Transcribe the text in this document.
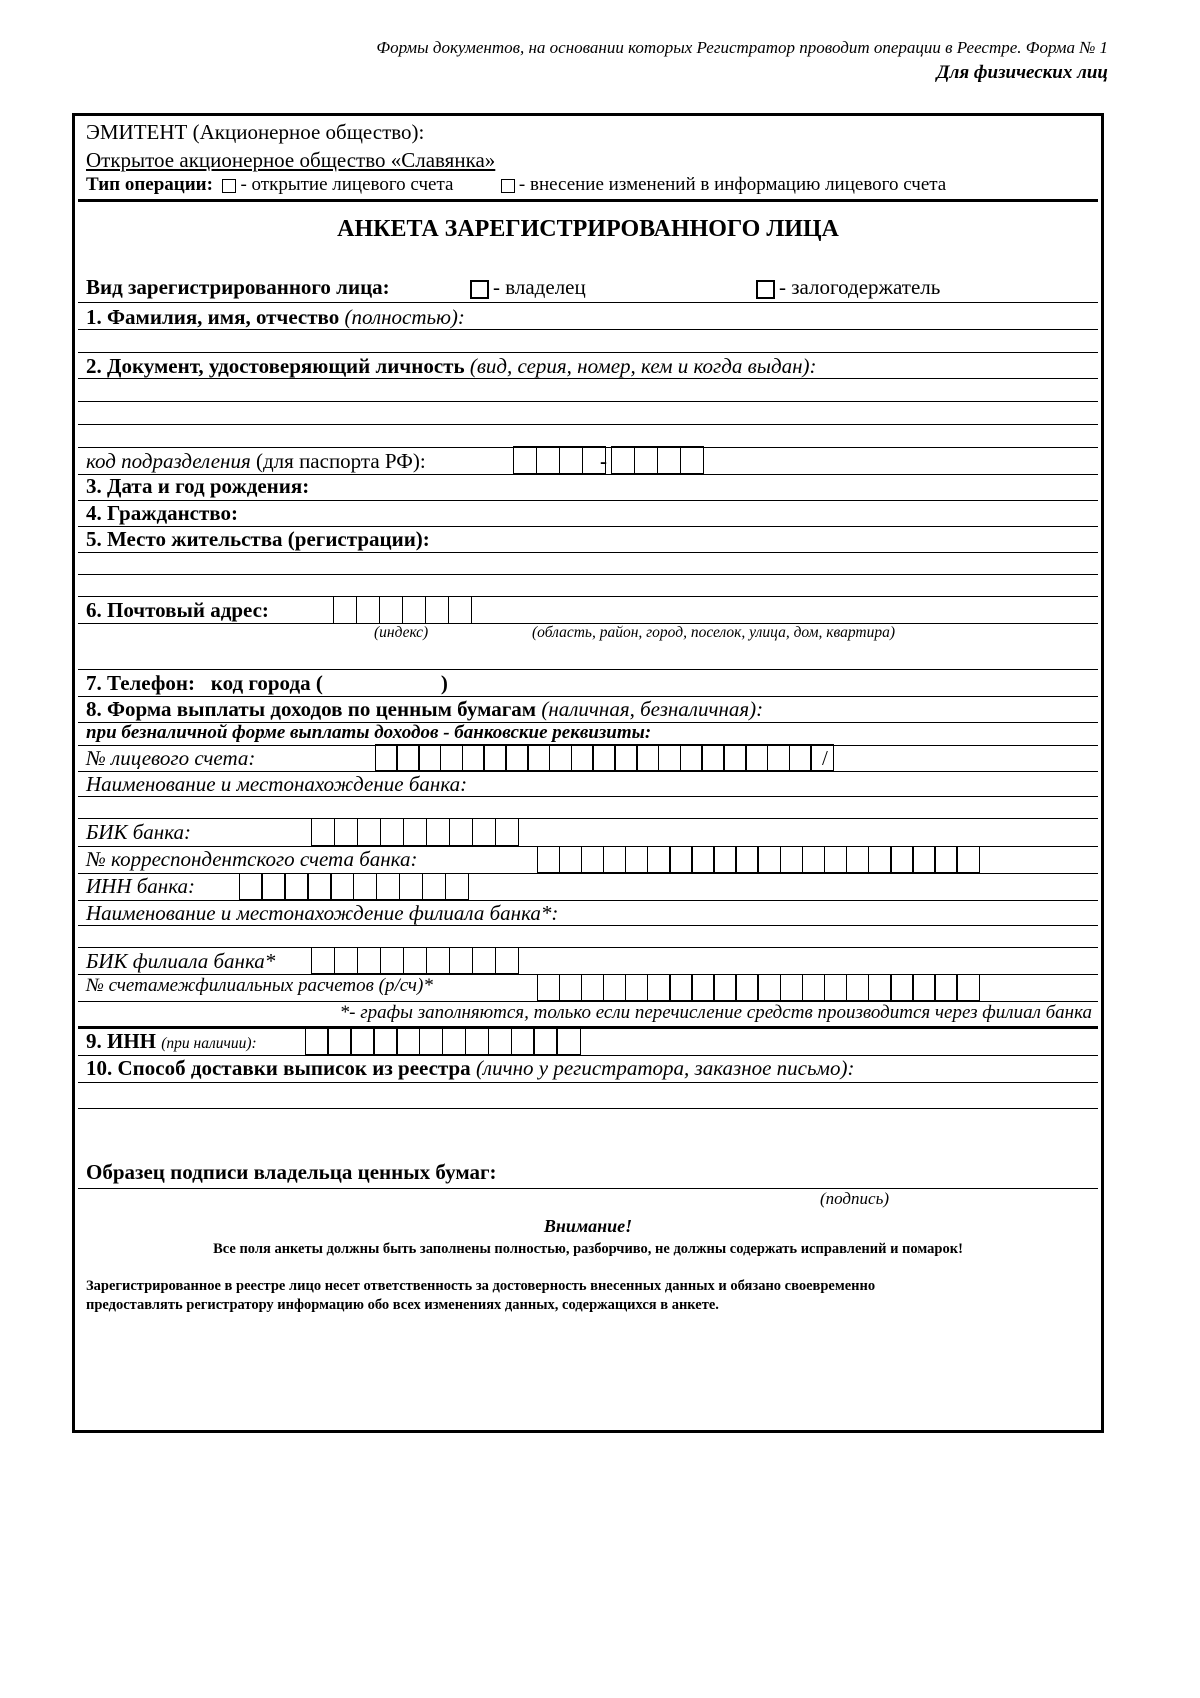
Формы документов, на основании которых Регистратор проводит операции в Реестре. Форма № 1
Для физических лиц
ЭМИТЕНТ (Акционерное общество):
Открытое акционерное общество «Славянка»
Тип операции: - открытие лицевого счета	- внесение изменений в информацию лицевого счета
АНКЕТА ЗАРЕГИСТРИРОВАННОГО ЛИЦА
Вид зарегистрированного лица:	- владелец	- залогодержатель
1. Фамилия, имя, отчество (полностью):
2. Документ, удостоверяющий личность (вид, серия, номер, кем и когда выдан):
код подразделения (для паспорта РФ):	-
3. Дата и год рождения:
4. Гражданство:
5. Место жительства (регистрации):
6. Почтовый адрес:
(индекс)	(область, район, город, поселок, улица, дом, квартира)
7. Телефон: код города (	)
8. Форма выплаты доходов по ценным бумагам (наличная, безналичная):
при безналичной форме выплаты доходов - банковские реквизиты:
№ лицевого счета:	/
Наименование и местонахождение банка:
БИК банка:
№ корреспондентского счета банка:
ИНН банка:
Наименование и местонахождение филиала банка*:
БИК филиала банка*
№ счетамежфилиальных расчетов (р/сч)*
*- графы заполняются, только если перечисление средств производится через филиал банка
9. ИНН (при наличии):
10. Способ доставки выписок из реестра (лично у регистратора, заказное письмо):
Образец подписи владельца ценных бумаг:
(подпись)
Внимание!
Все поля анкеты должны быть заполнены полностью, разборчиво, не должны содержать исправлений и помарок!
Зарегистрированное в реестре лицо несет ответственность за достоверность внесенных данных и обязано своевременно
предоставлять регистратору информацию обо всех изменениях данных, содержащихся в анкете.
